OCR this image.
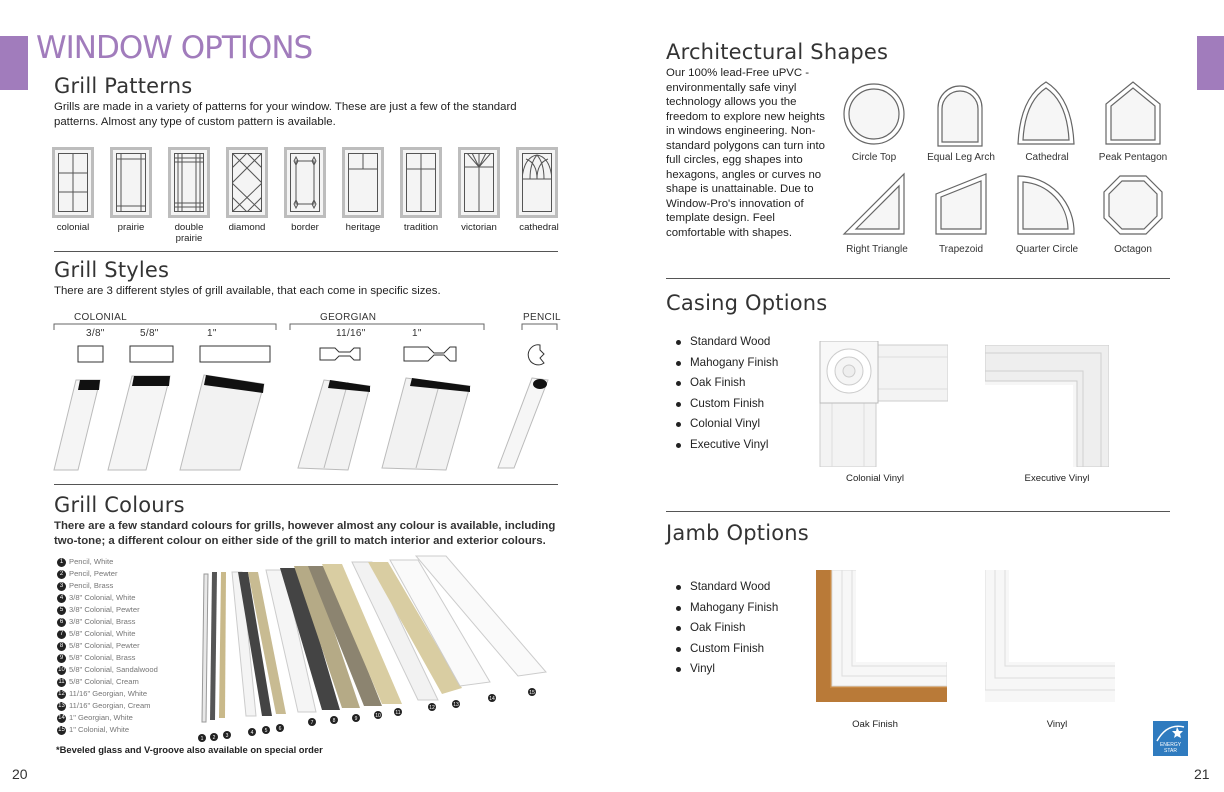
WINDOW OPTIONS
Grill Patterns
Grills are made in a variety of patterns for your window. These are just a few of the standard patterns. Almost any type of custom pattern is available.
colonial	prairie	double prairie
diamond	border	heritage	tradition	victorian	cathedral
Grill Styles
There are 3 different styles of grill available, that each come in specific sizes.
COLONIAL	GEORGIAN	PENCIL
3/8"	5/8"	1"	11/16"	1"
Grill Colours
There are a few standard colours for grills, however almost any colour is available, including two-tone; a different colour on either side of the grill to match interior and exterior colours.
1 Pencil, White
2 Pencil, Pewter
3 Pencil, Brass
4 3/8" Colonial, White
5 3/8" Colonial, Pewter
6 3/8" Colonial, Brass
7 5/8" Colonial, White
8 5/8" Colonial, Pewter
9 5/8" Colonial, Brass
10 5/8" Colonial, Sandalwood
11 5/8" Colonial, Cream
12 11/16" Georgian, White
13 11/16" Georgian, Cream
14 1" Georgian, White
15 1" Colonial, White
1 2 3	4 5 6
7	8	9	10	11
12	13
14
15
*Beveled glass and V-groove also available on special order
20
Architectural Shapes
Our 100% lead-Free uPVC - environmentally safe vinyl technology allows you the freedom to explore new heights in windows engineering. Non-standard polygons can turn into full circles, egg shapes into hexagons, angles or curves no shape is unattainable. Due to Window-Pro's innovation of template design. Feel comfortable with shapes.
Circle Top	Equal Leg Arch	Cathedral	Peak Pentagon
Right Triangle	Trapezoid	Quarter Circle	Octagon
Casing Options
Standard Wood
Mahogany Finish
Oak Finish
Custom Finish
Colonial Vinyl
Executive Vinyl
Colonial Vinyl	Executive Vinyl
Jamb Options
Standard Wood
Mahogany Finish
Oak Finish
Custom Finish
Vinyl
Oak Finish	Vinyl
ENERGY STAR
21
